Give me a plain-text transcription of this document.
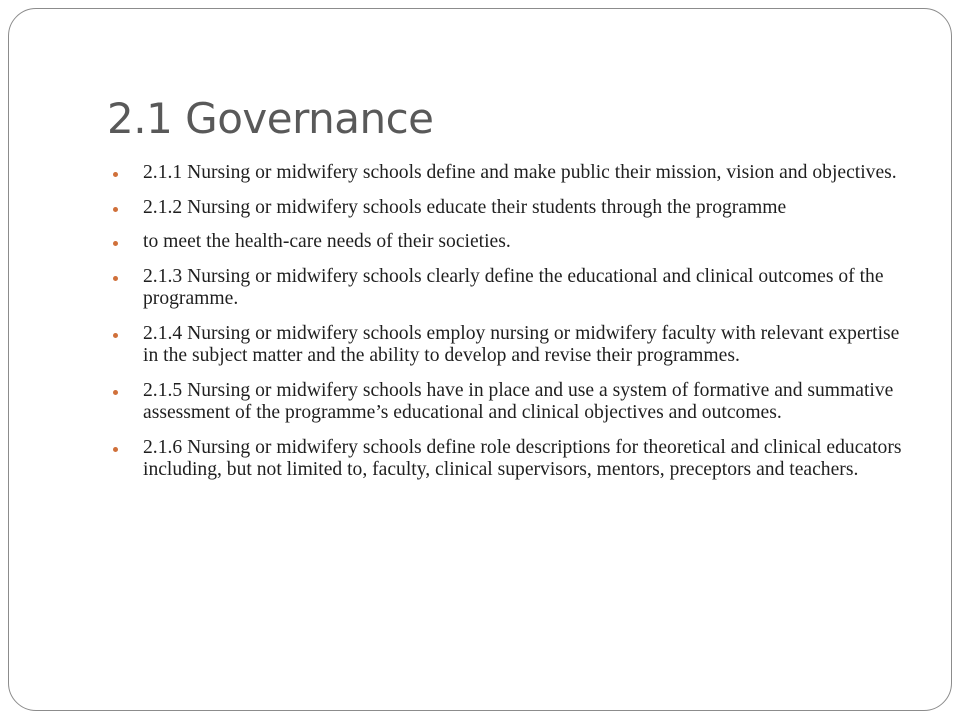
2.1 Governance
2.1.1 Nursing or midwifery schools define and make public their mission, vision and objectives.
2.1.2 Nursing or midwifery schools educate their students through the programme
to meet the health-care needs of their societies.
2.1.3 Nursing or midwifery schools clearly define the educational and clinical outcomes of the programme.
2.1.4 Nursing or midwifery schools employ nursing or midwifery faculty with relevant expertise in the subject matter and the ability to develop and revise their programmes.
2.1.5 Nursing or midwifery schools have in place and use a system of formative and summative assessment of the programme’s educational and clinical objectives and outcomes.
2.1.6 Nursing or midwifery schools define role descriptions for theoretical and clinical educators including, but not limited to, faculty, clinical supervisors, mentors, preceptors and teachers.
